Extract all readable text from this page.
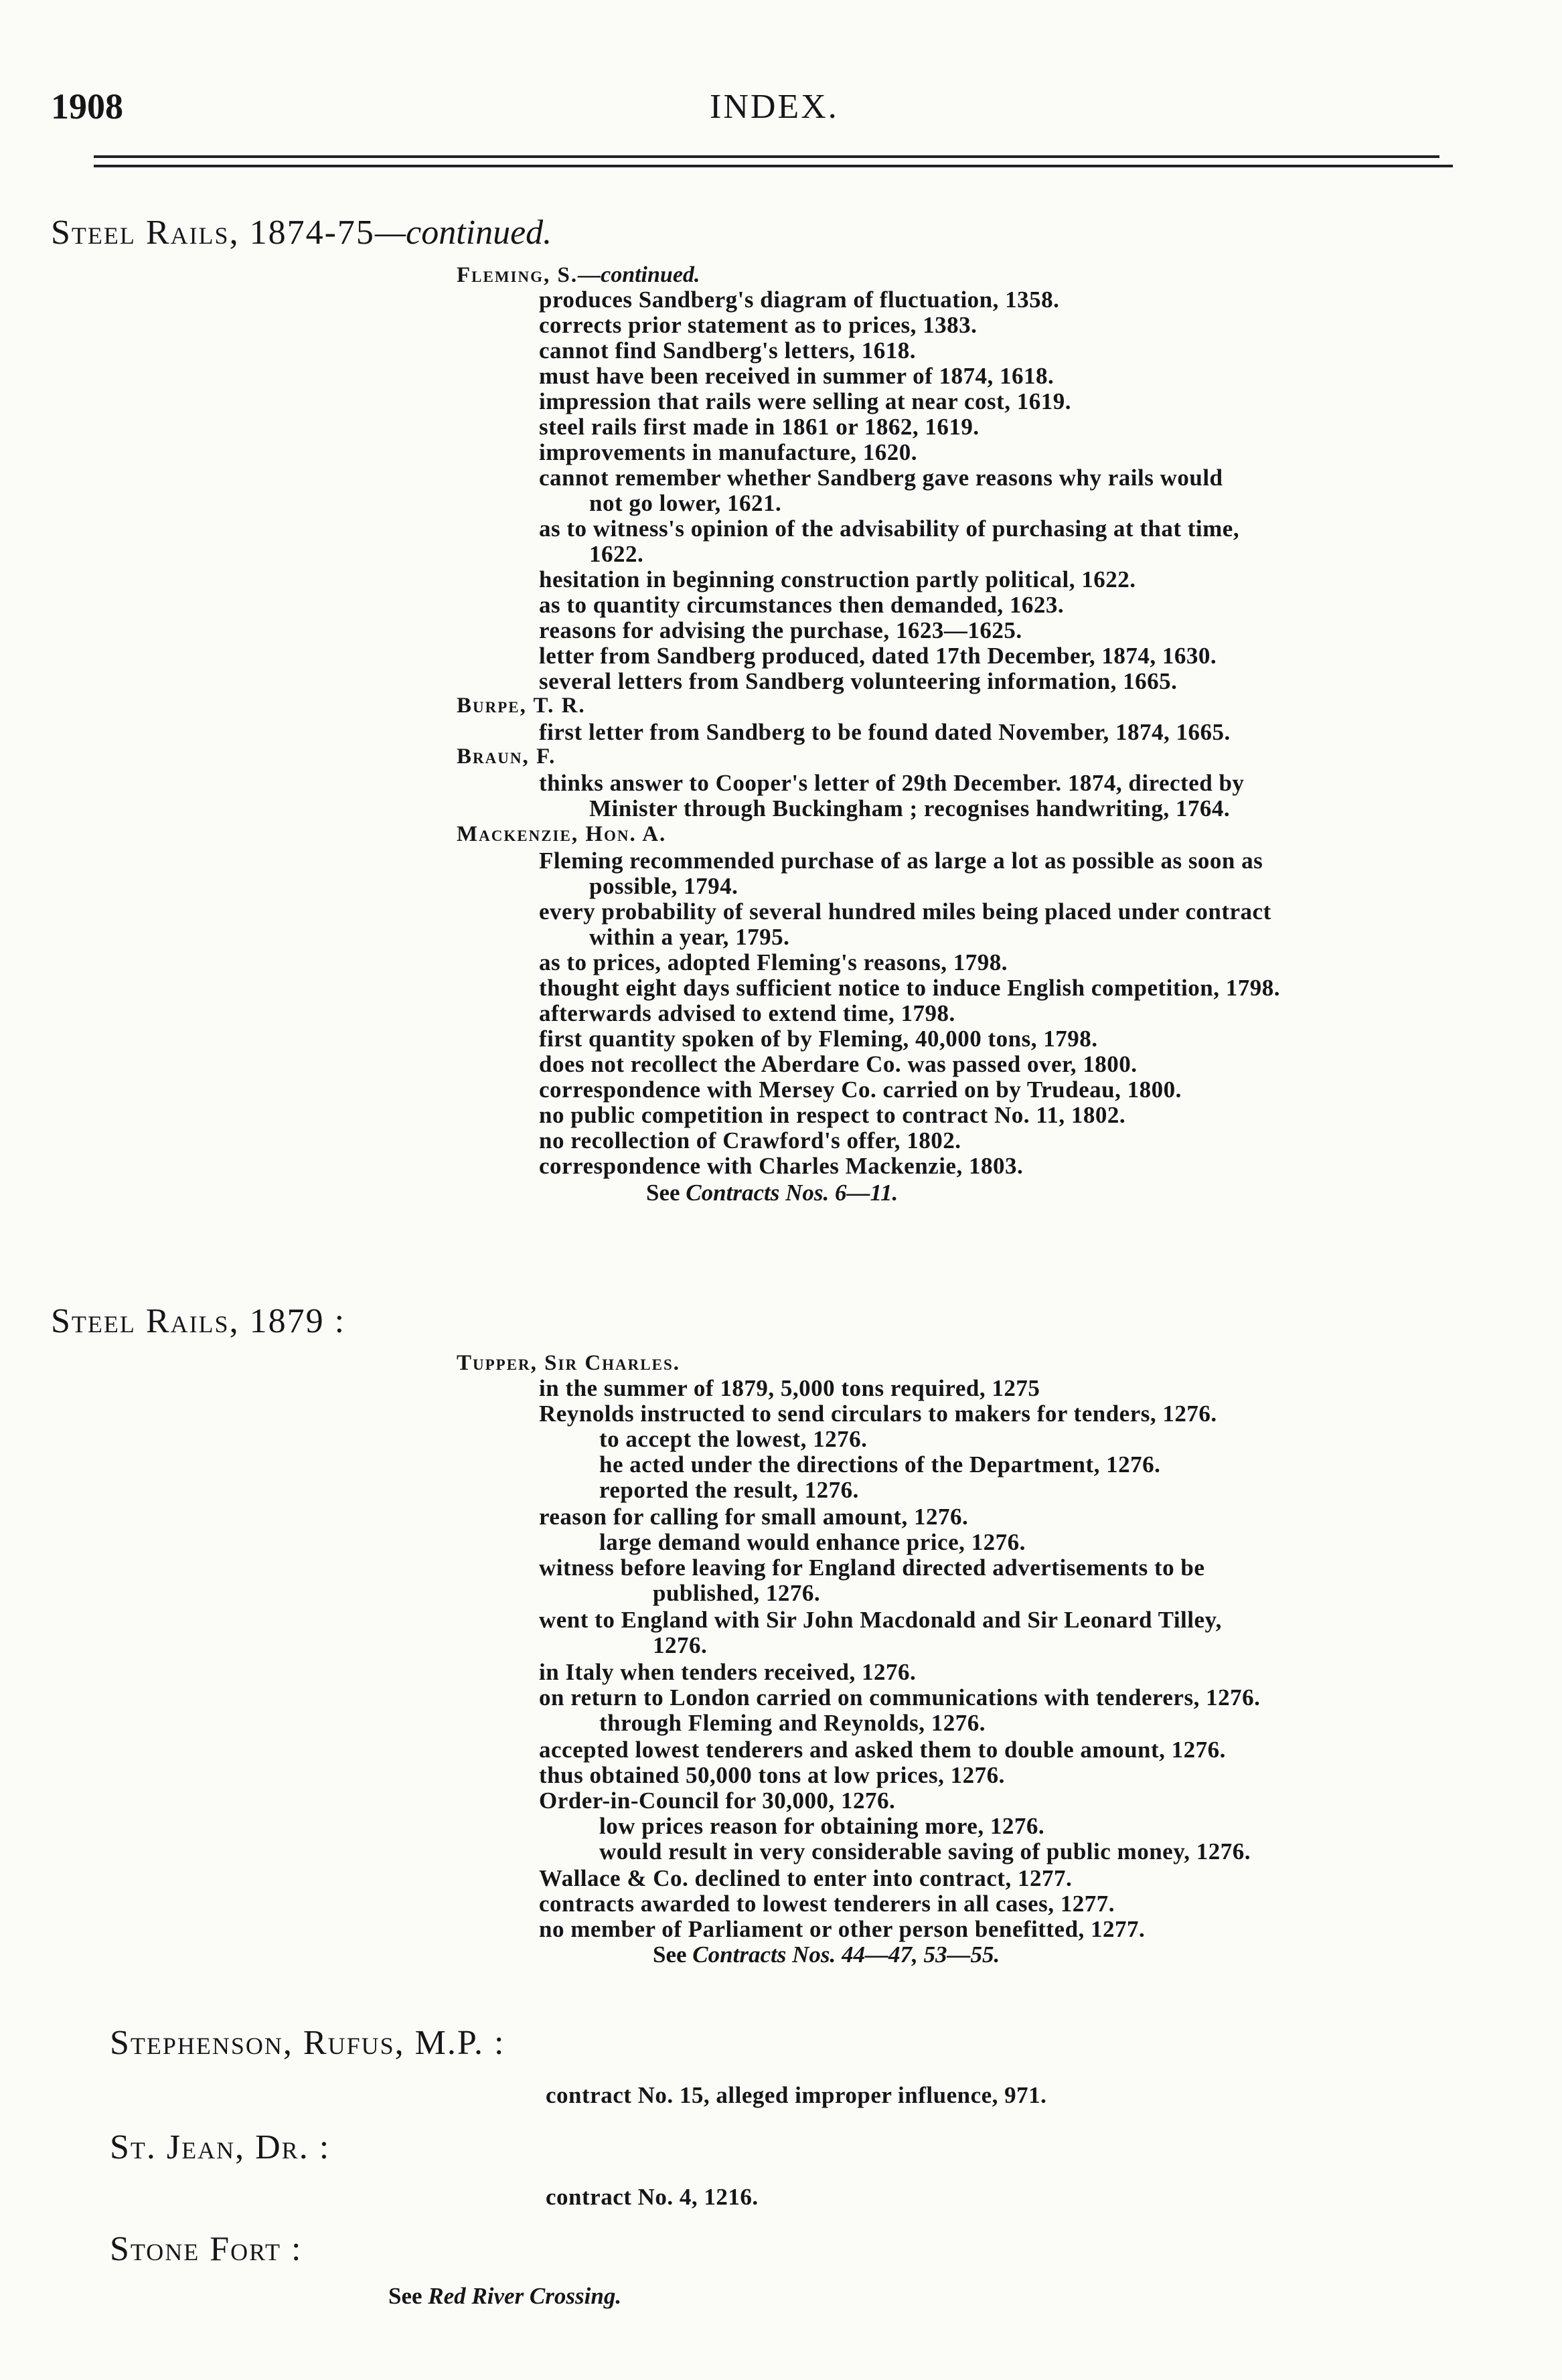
1908	INDEX.
Steel Rails, 1874-75—continued.
Fleming, S.—continued.
produces Sandberg's diagram of fluctuation, 1358.
corrects prior statement as to prices, 1383.
cannot find Sandberg's letters, 1618.
must have been received in summer of 1874, 1618.
impression that rails were selling at near cost, 1619.
steel rails first made in 1861 or 1862, 1619.
improvements in manufacture, 1620.
cannot remember whether Sandberg gave reasons why rails would
not go lower, 1621.
as to witness's opinion of the advisability of purchasing at that time,
1622.
hesitation in beginning construction partly political, 1622.
as to quantity circumstances then demanded, 1623.
reasons for advising the purchase, 1623—1625.
letter from Sandberg produced, dated 17th December, 1874, 1630.
several letters from Sandberg volunteering information, 1665.
Burpe, T. R.
first letter from Sandberg to be found dated November, 1874, 1665.
Braun, F.
thinks answer to Cooper's letter of 29th December. 1874, directed by
Minister through Buckingham ; recognises handwriting, 1764.
Mackenzie, Hon. A.
Fleming recommended purchase of as large a lot as possible as soon as
possible, 1794.
every probability of several hundred miles being placed under contract
within a year, 1795.
as to prices, adopted Fleming's reasons, 1798.
thought eight days sufficient notice to induce English competition, 1798.
afterwards advised to extend time, 1798.
first quantity spoken of by Fleming, 40,000 tons, 1798.
does not recollect the Aberdare Co. was passed over, 1800.
correspondence with Mersey Co. carried on by Trudeau, 1800.
no public competition in respect to contract No. 11, 1802.
no recollection of Crawford's offer, 1802.
correspondence with Charles Mackenzie, 1803.
See Contracts Nos. 6—11.
Steel Rails, 1879 :
Tupper, Sir Charles.
in the summer of 1879, 5,000 tons required, 1275
Reynolds instructed to send circulars to makers for tenders, 1276.
to accept the lowest, 1276.
he acted under the directions of the Department, 1276.
reported the result, 1276.
reason for calling for small amount, 1276.
large demand would enhance price, 1276.
witness before leaving for England directed advertisements to be
published, 1276.
went to England with Sir John Macdonald and Sir Leonard Tilley,
1276.
in Italy when tenders received, 1276.
on return to London carried on communications with tenderers, 1276.
through Fleming and Reynolds, 1276.
accepted lowest tenderers and asked them to double amount, 1276.
thus obtained 50,000 tons at low prices, 1276.
Order-in-Council for 30,000, 1276.
low prices reason for obtaining more, 1276.
would result in very considerable saving of public money, 1276.
Wallace & Co. declined to enter into contract, 1277.
contracts awarded to lowest tenderers in all cases, 1277.
no member of Parliament or other person benefitted, 1277.
See Contracts Nos. 44—47, 53—55.
Stephenson, Rufus, M.P. :
contract No. 15, alleged improper influence, 971.
St. Jean, Dr. :
contract No. 4, 1216.
Stone Fort :
See Red River Crossing.
